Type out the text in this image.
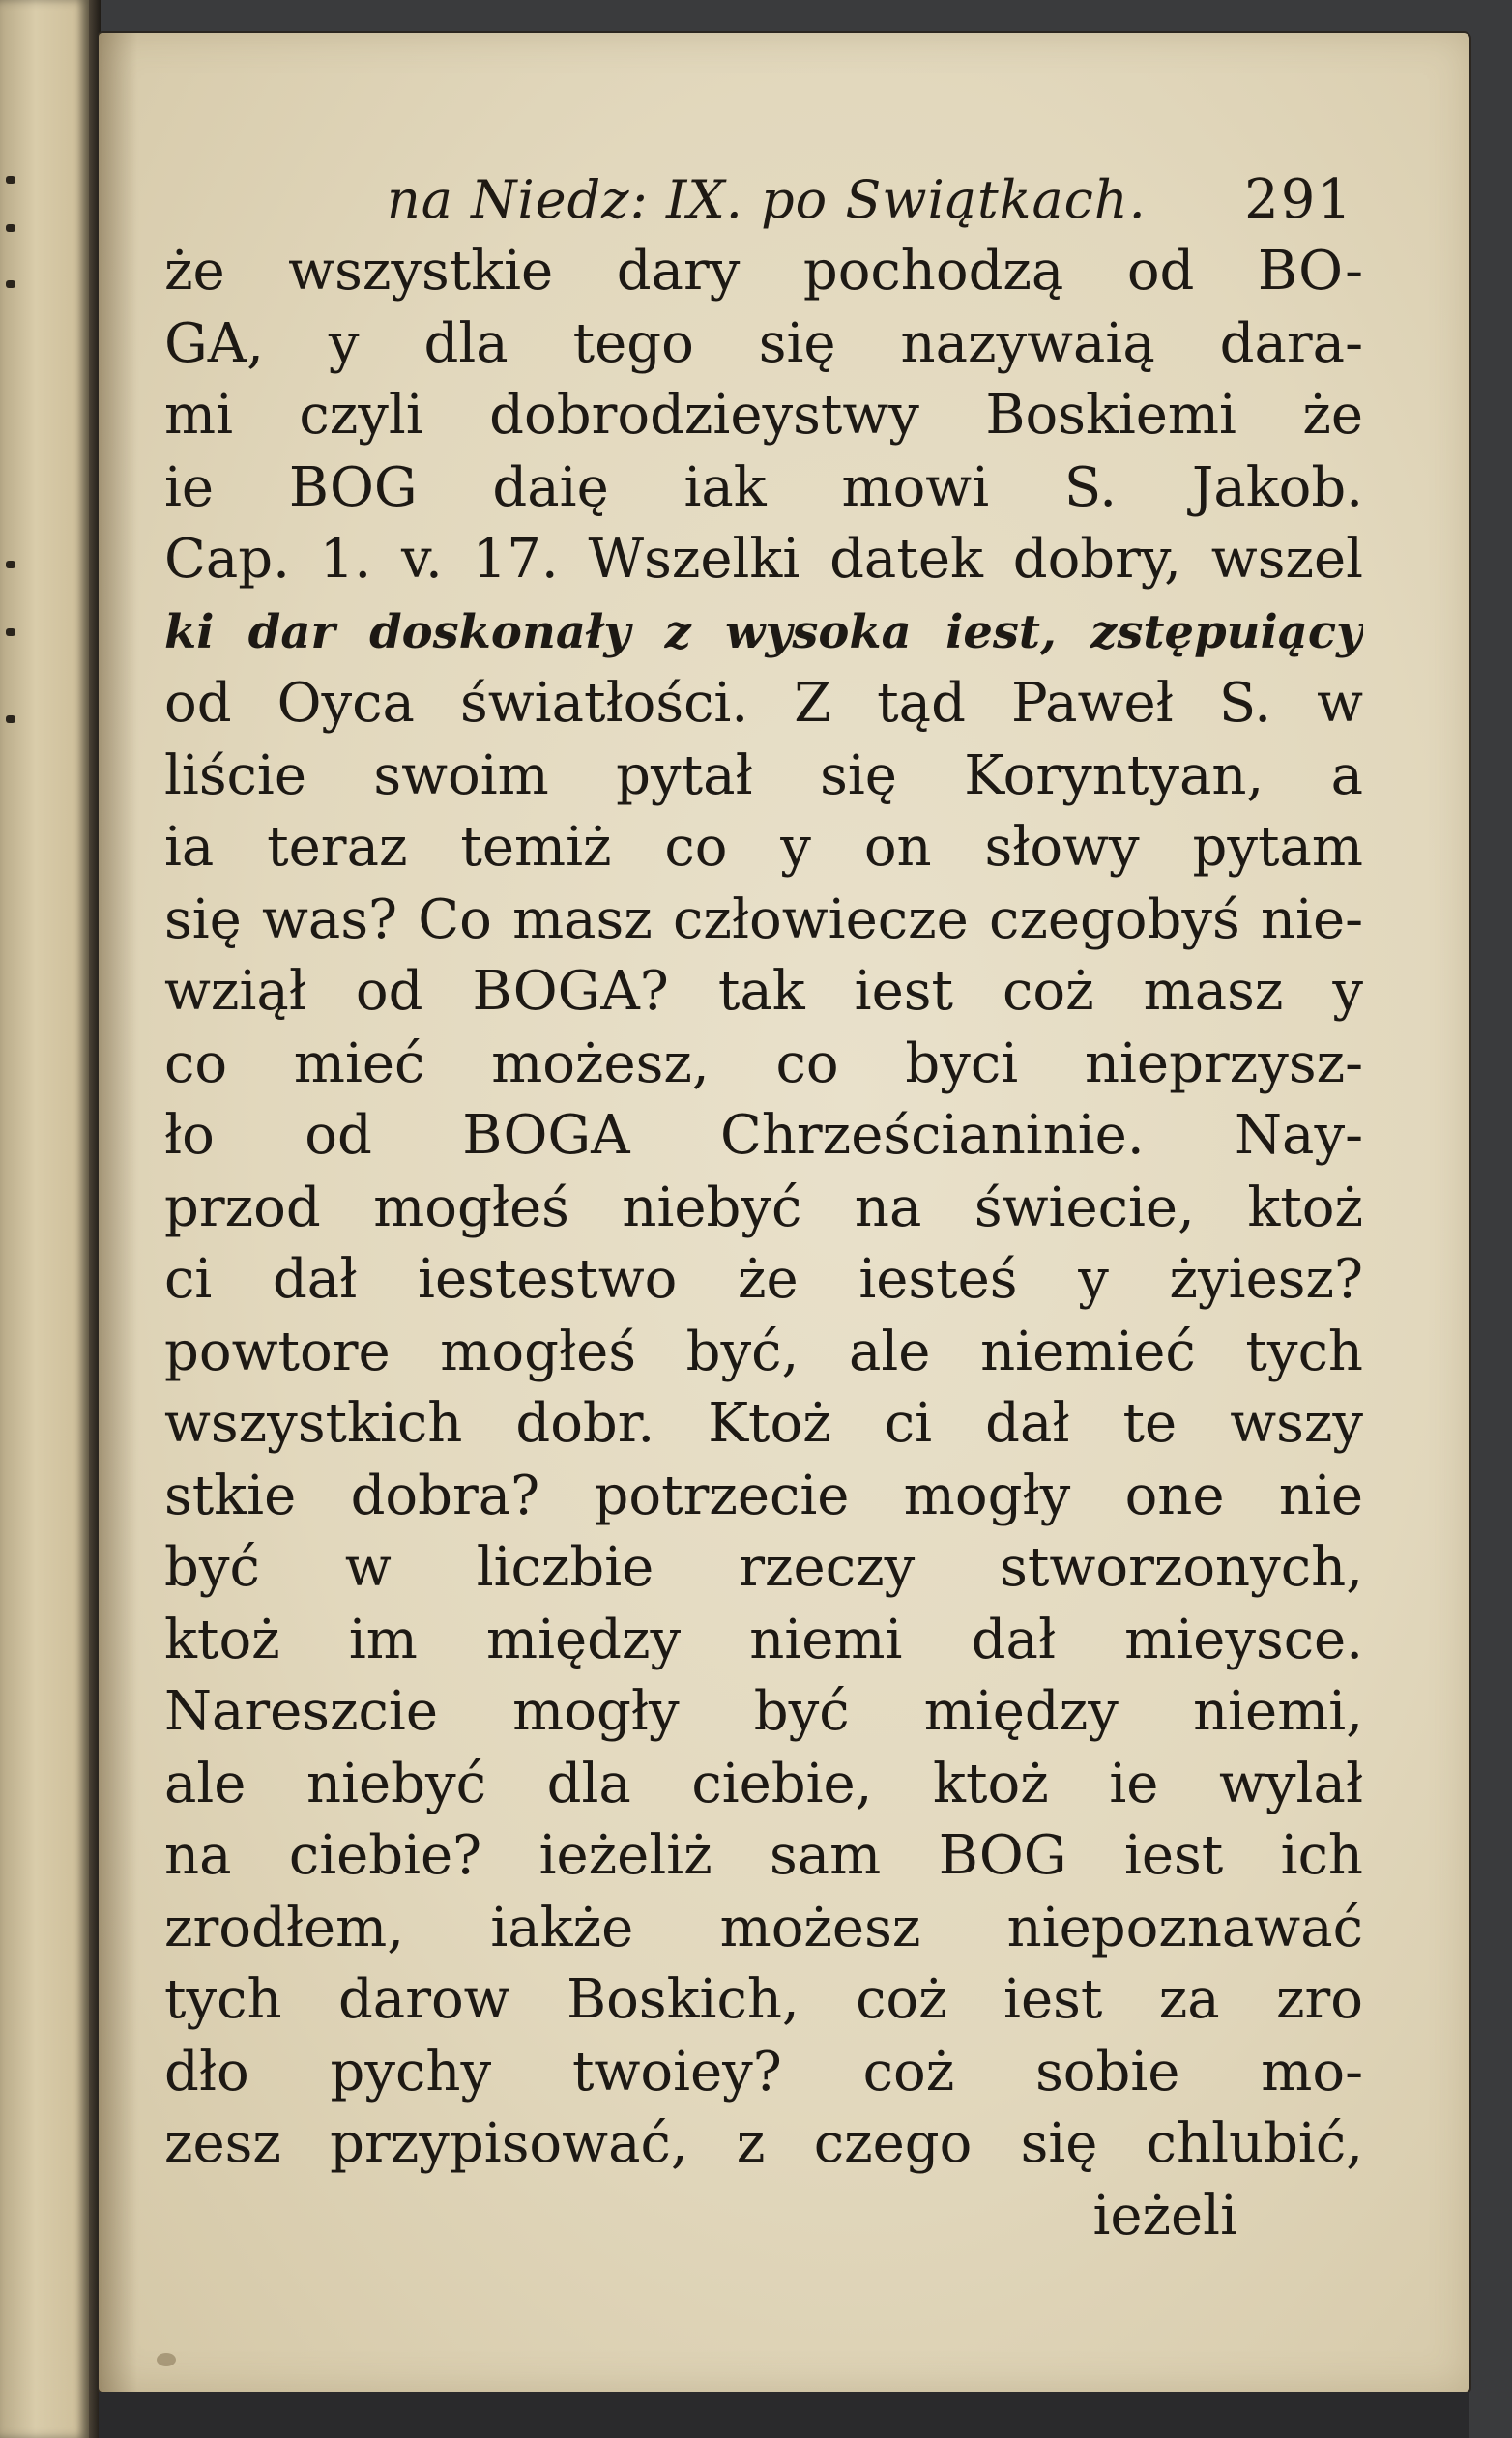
na Niedz: IX. po Swiątkach. 291
że wszystkie dary pochodzą od BO-
GA, y dla tego się nazywaią dara-
mi czyli dobrodzieystwy Boskiemi że
ie BOG daię iak mowi S. Jakob.
Cap. 1. v. 17. Wszelki datek dobry, wszel
ki dar doskonały z wysoka iest, zstępuiący
od Oyca światłości. Z tąd Paweł S. w
liście swoim pytał się Koryntyan, a
ia teraz temiż co y on słowy pytam
się was? Co masz człowiecze czegobyś nie-
wziął od BOGA? tak iest coż masz y
co mieć możesz, co byci nieprzysz-
ło od BOGA Chrześcianinie. Nay-
przod mogłeś niebyć na świecie, ktoż
ci dał iestestwo że iesteś y żyiesz?
powtore mogłeś być, ale niemieć tych
wszystkich dobr. Ktoż ci dał te wszy
stkie dobra? potrzecie mogły one nie
być w liczbie rzeczy stworzonych,
ktoż im między niemi dał mieysce.
Nareszcie mogły być między niemi,
ale niebyć dla ciebie, ktoż ie wylał
na ciebie? ieżeliż sam BOG iest ich
zrodłem, iakże możesz niepoznawać
tych darow Boskich, coż iest za zro
dło pychy twoiey? coż sobie mo-
zesz przypisować, z czego się chlubić,
ieżeli
